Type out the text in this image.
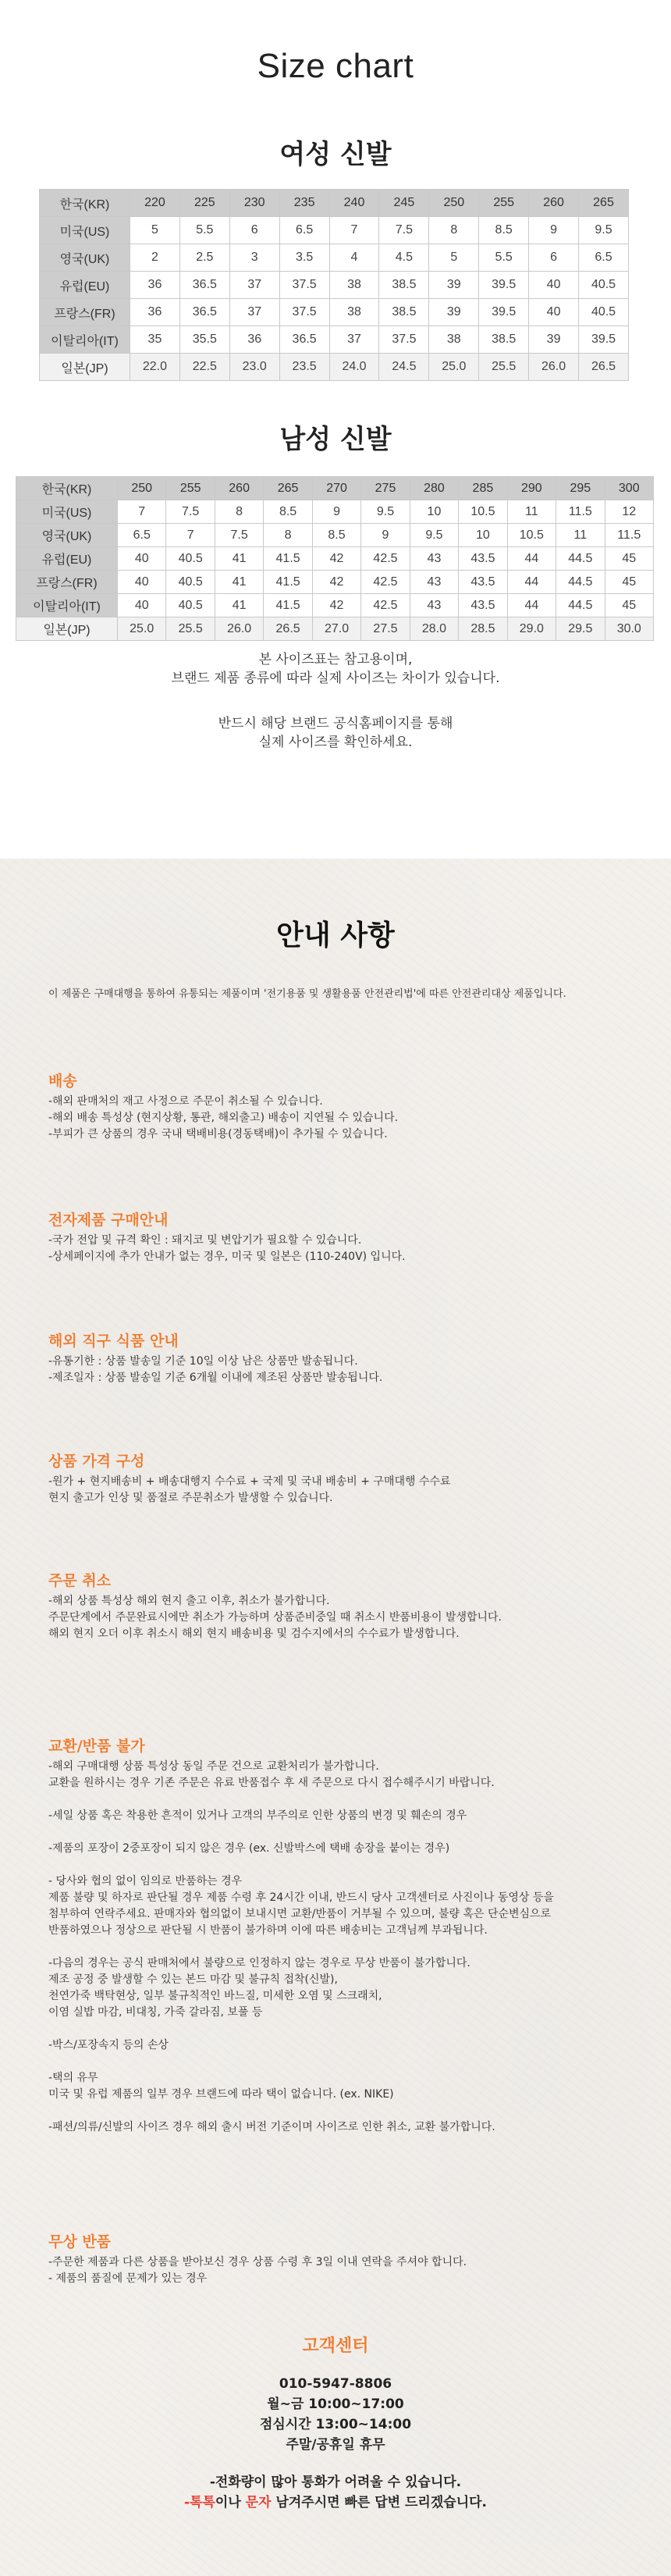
Size chart
여성 신발
한국(KR)	220	225	230	235	240	245	250	255	260	265
미국(US)	5	5.5	6	6.5	7	7.5	8	8.5	9	9.5
영국(UK)	2	2.5	3	3.5	4	4.5	5	5.5	6	6.5
유럽(EU)	36	36.5	37	37.5	38	38.5	39	39.5	40	40.5
프랑스(FR)	36	36.5	37	37.5	38	38.5	39	39.5	40	40.5
이탈리아(IT)	35	35.5	36	36.5	37	37.5	38	38.5	39	39.5
일본(JP)	22.0	22.5	23.0	23.5	24.0	24.5	25.0	25.5	26.0	26.5
남성 신발
한국(KR)	250	255	260	265	270	275	280	285	290	295	300
미국(US)	7	7.5	8	8.5	9	9.5	10	10.5	11	11.5	12
영국(UK)	6.5	7	7.5	8	8.5	9	9.5	10	10.5	11	11.5
유럽(EU)	40	40.5	41	41.5	42	42.5	43	43.5	44	44.5	45
프랑스(FR)	40	40.5	41	41.5	42	42.5	43	43.5	44	44.5	45
이탈리아(IT)	40	40.5	41	41.5	42	42.5	43	43.5	44	44.5	45
일본(JP)	25.0	25.5	26.0	26.5	27.0	27.5	28.0	28.5	29.0	29.5	30.0
본 사이즈표는 참고용이며,
브랜드 제품 종류에 따라 실제 사이즈는 차이가 있습니다.
반드시 해당 브랜드 공식홈페이지를 통해
실제 사이즈를 확인하세요.
안내 사항
이 제품은 구매대행을 통하여 유통되는 제품이며 '전기용품 및 생활용품 안전관리법'에 따른 안전관리대상 제품입니다.
배송

-해외 판매처의 재고 사정으로 주문이 취소될 수 있습니다.
-해외 배송 특성상 (현지상황, 통관, 해외출고) 배송이 지연될 수 있습니다.
-부피가 큰 상품의 경우 국내 택배비용(경동택배)이 추가될 수 있습니다.

전자제품 구매안내

-국가 전압 및 규격 확인 : 돼지코 및 변압기가 필요할 수 있습니다.
-상세페이지에 추가 안내가 없는 경우, 미국 및 일본은 (110-240V) 입니다.

해외 직구 식품 안내

-유통기한 : 상품 발송일 기준 10일 이상 남은 상품만 발송됩니다.
-제조일자 : 상품 발송일 기준 6개월 이내에 제조된 상품만 발송됩니다.

상품 가격 구성

-원가 + 현지배송비 + 배송대행지 수수료 + 국제 및 국내 배송비 + 구매대행 수수료
현지 출고가 인상 및 품절로 주문취소가 발생할 수 있습니다.

주문 취소

-해외 상품 특성상 해외 현지 출고 이후, 취소가 불가합니다.
주문단계에서 주문완료시에만 취소가 가능하며 상품준비중일 때 취소시 반품비용이 발생합니다.
해외 현지 오더 이후 취소시 해외 현지 배송비용 및 검수지에서의 수수료가 발생합니다.

교환/반품 불가

-해외 구매대행 상품 특성상 동일 주문 건으로 교환처리가 불가합니다.
교환을 원하시는 경우 기존 주문은 유료 반품접수 후 새 주문으로 다시 접수해주시기 바랍니다.

-세일 상품 혹은 착용한 흔적이 있거나 고객의 부주의로 인한 상품의 변경 및 훼손의 경우

-제품의 포장이 2중포장이 되지 않은 경우 (ex. 신발박스에 택배 송장을 붙이는 경우)

- 당사와 협의 없이 임의로 반품하는 경우
제품 불량 및 하자로 판단될 경우 제품 수령 후 24시간 이내, 반드시 당사 고객센터로 사진이나 동영상 등을
첨부하여 연락주세요. 판매자와 협의없이 보내시면 교환/반품이 거부될 수 있으며, 불량 혹은 단순변심으로
반품하였으나 정상으로 판단될 시 반품이 불가하며 이에 따른 배송비는 고객님께 부과됩니다.

-다음의 경우는 공식 판매처에서 불량으로 인정하지 않는 경우로 무상 반품이 불가합니다.
제조 공정 중 발생할 수 있는 본드 마감 및 불규칙 접착(신발),
천연가죽 백탁현상, 일부 불규칙적인 바느질, 미세한 오염 및 스크래치,
이염 실밥 마감, 비대칭, 가죽 갈라짐, 보풀 등

-박스/포장속지 등의 손상

-택의 유무
미국 및 유럽 제품의 일부 경우 브랜드에 따라 택이 없습니다. (ex. NIKE)

-패션/의류/신발의 사이즈 경우 해외 출시 버전 기준이며 사이즈로 인한 취소, 교환 불가합니다.

무상 반품

-주문한 제품과 다른 상품을 받아보신 경우 상품 수령 후 3일 이내 연락을 주셔야 합니다.
- 제품의 품질에 문제가 있는 경우

고객센터
010-5947-8806
월~금 10:00~17:00
점심시간 13:00~14:00
주말/공휴일 휴무
-전화량이 많아 통화가 어려울 수 있습니다.
-톡톡이나 문자 남겨주시면 빠른 답변 드리겠습니다.
